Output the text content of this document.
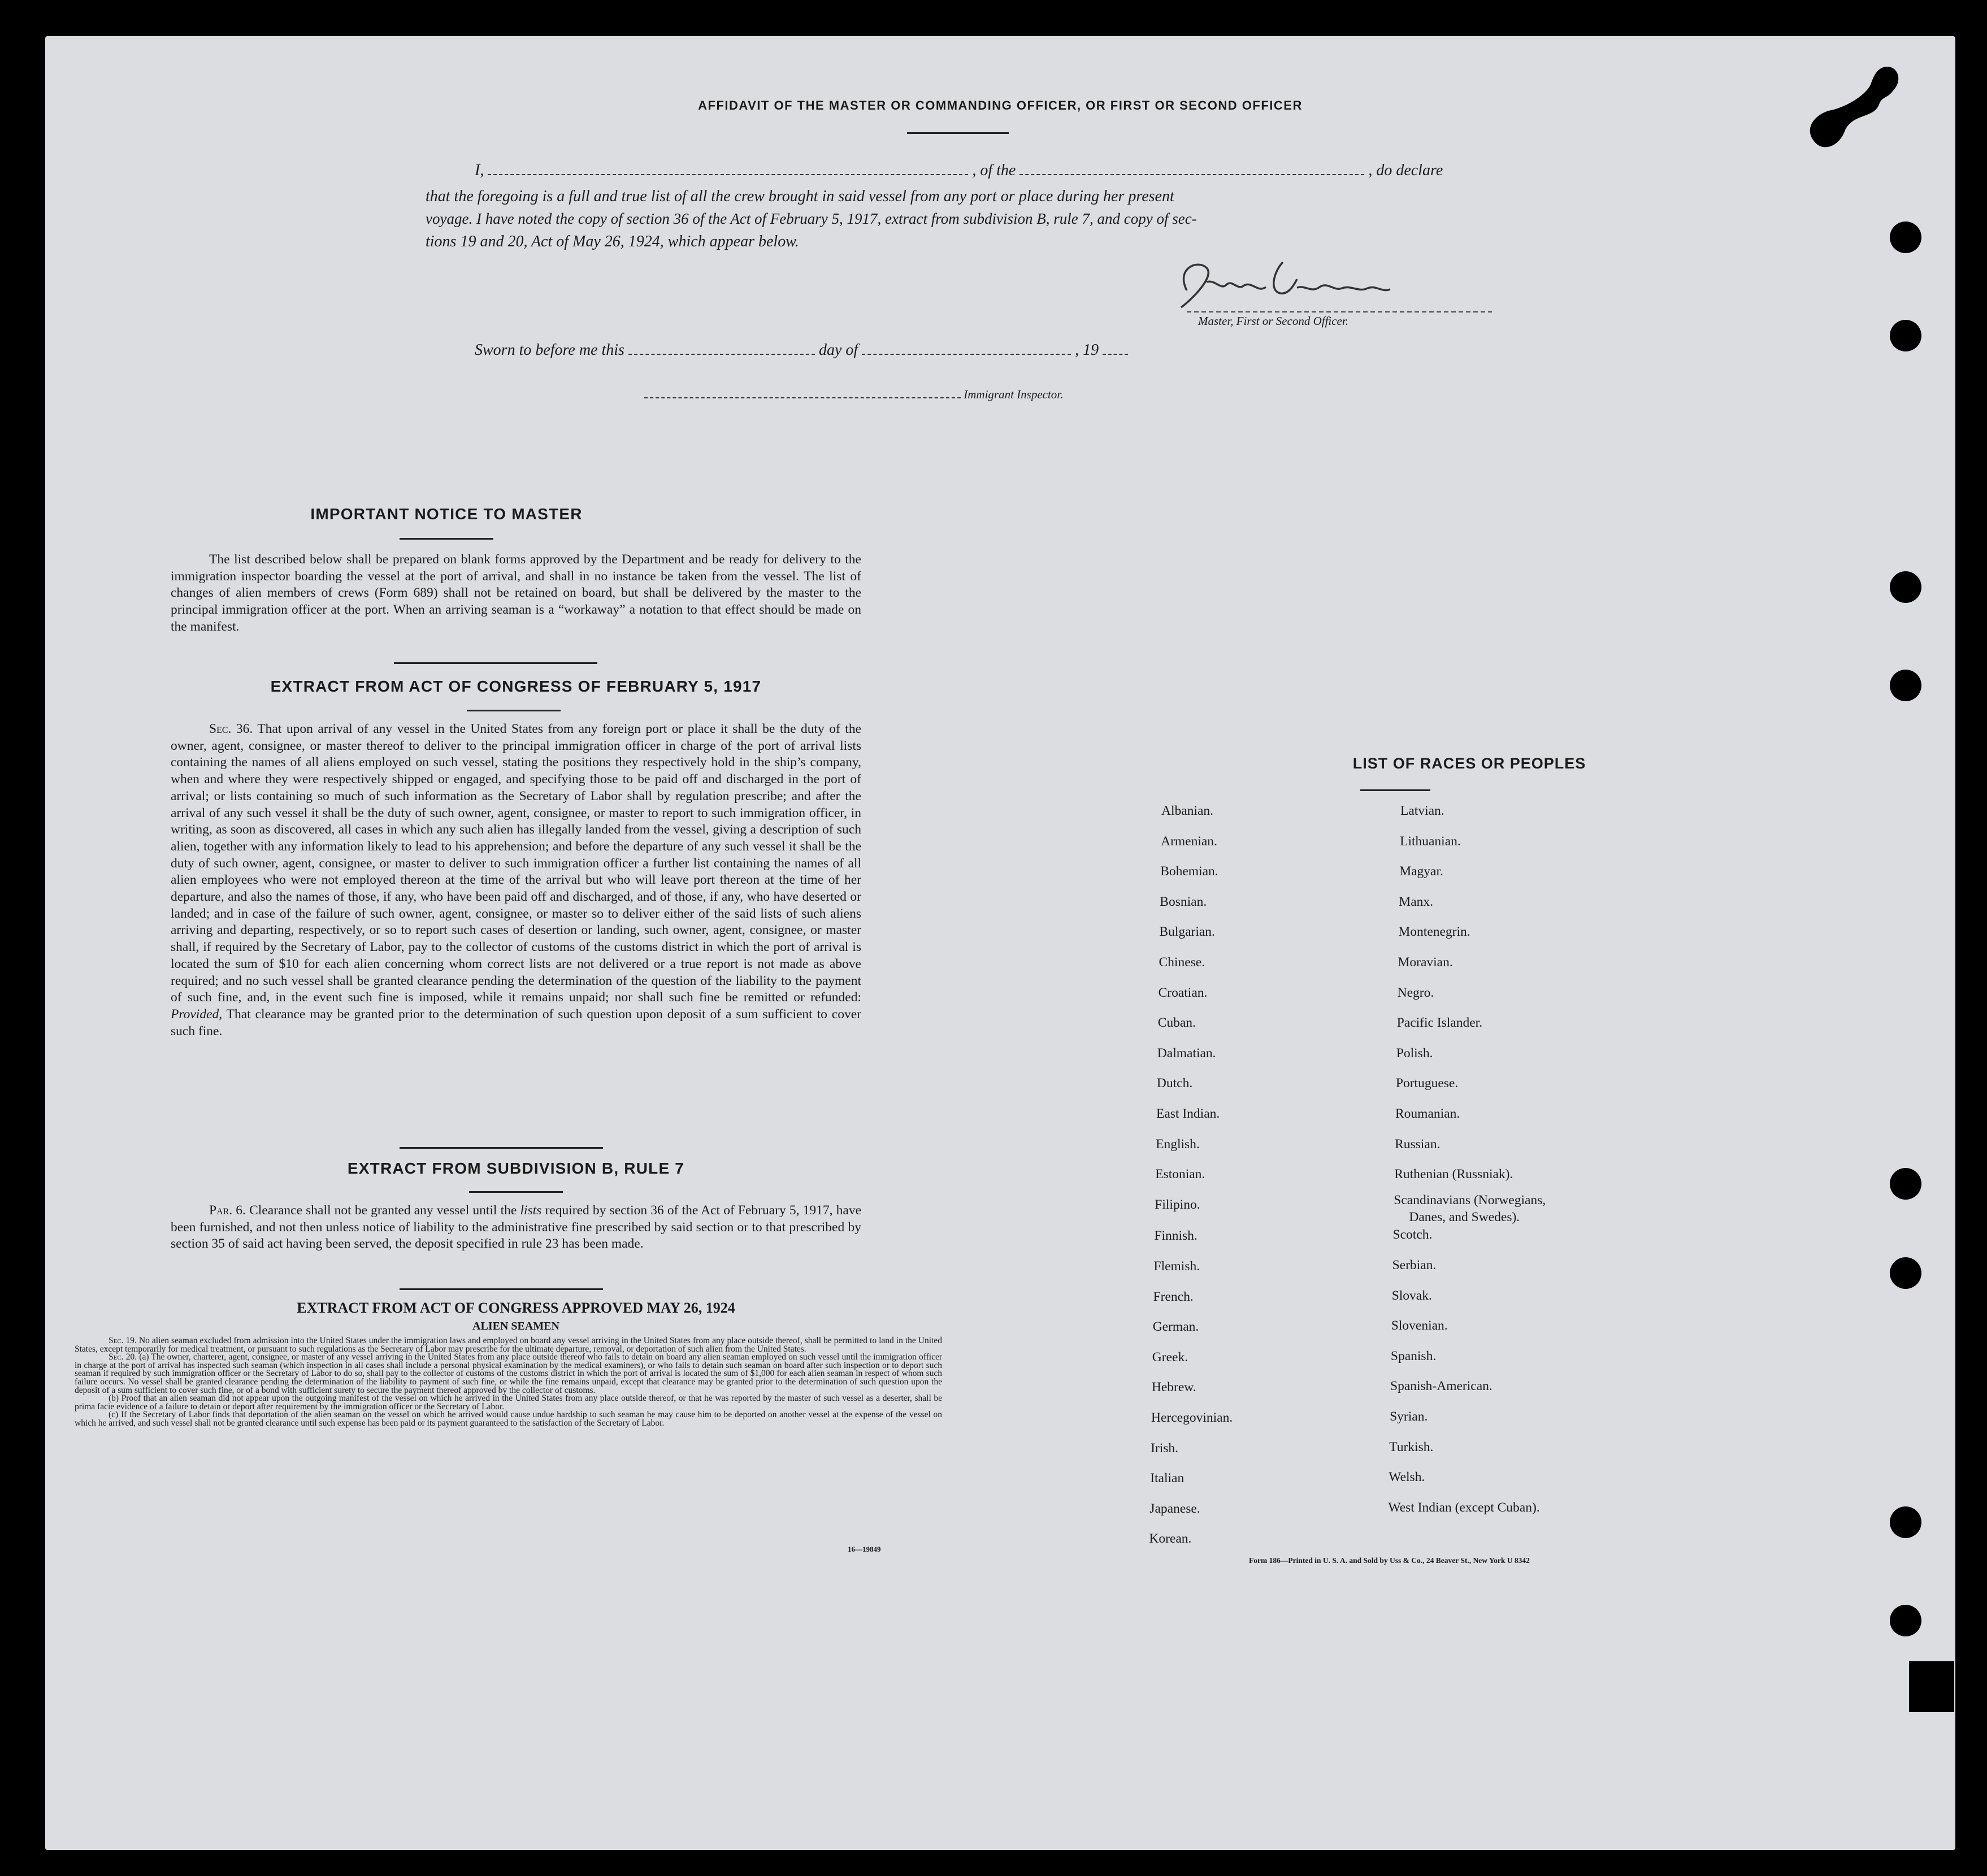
AFFIDAVIT OF THE MASTER OR COMMANDING OFFICER, OR FIRST OR SECOND OFFICER
I,	, of the	, do declare
that the foregoing is a full and true list of all the crew brought in said vessel from any port or place during her present
voyage. I have noted the copy of section 36 of the Act of February 5, 1917, extract from subdivision B, rule 7, and copy of sec-
tions 19 and 20, Act of May 26, 1924, which appear below.
Master, First or Second Officer.
Sworn to before me this	day of	, 19
Immigrant Inspector.
IMPORTANT NOTICE TO MASTER

The list described below shall be prepared on blank forms approved by the Department and be ready for delivery to the immigration inspector boarding the vessel at the port of arrival, and shall in no instance be taken from the vessel. The list of changes of alien members of crews (Form 689) shall not be retained on board, but shall be delivered by the master to the principal immigration officer at the port. When an arriving seaman is a “workaway” a notation to that effect should be made on the manifest.

EXTRACT FROM ACT OF CONGRESS OF FEBRUARY 5, 1917

Sec. 36. That upon arrival of any vessel in the United States from any foreign port or place it shall be the duty of the owner, agent, consignee, or master thereof to deliver to the principal immigration officer in charge of the port of arrival lists containing the names of all aliens employed on such vessel, stating the positions they respectively hold in the ship’s company, when and where they were respectively shipped or engaged, and specifying those to be paid off and discharged in the port of arrival; or lists containing so much of such information as the Secretary of Labor shall by regulation prescribe; and after the arrival of any such vessel it shall be the duty of such owner, agent, consignee, or master to report to such immigration officer, in writing, as soon as discovered, all cases in which any such alien has illegally landed from the vessel, giving a description of such alien, together with any information likely to lead to his apprehension; and before the departure of any such vessel it shall be the duty of such owner, agent, consignee, or master to deliver to such immigration officer a further list containing the names of all alien employees who were not employed thereon at the time of the arrival but who will leave port thereon at the time of her departure, and also the names of those, if any, who have been paid off and discharged, and of those, if any, who have deserted or landed; and in case of the failure of such owner, agent, consignee, or master so to deliver either of the said lists of such aliens arriving and departing, respectively, or so to report such cases of desertion or landing, such owner, agent, consignee, or master shall, if required by the Secretary of Labor, pay to the collector of customs of the customs district in which the port of arrival is located the sum of $10 for each alien concerning whom correct lists are not delivered or a true report is not made as above required; and no such vessel shall be granted clearance pending the determination of the question of the liability to the payment of such fine, and, in the event such fine is imposed, while it remains unpaid; nor shall such fine be remitted or refunded: Provided, That clearance may be granted prior to the determination of such question upon deposit of a sum sufficient to cover such fine.

EXTRACT FROM SUBDIVISION B, RULE 7

Par. 6. Clearance shall not be granted any vessel until the lists required by section 36 of the Act of February 5, 1917, have been furnished, and not then unless notice of liability to the administrative fine prescribed by said section or to that prescribed by section 35 of said act having been served, the deposit specified in rule 23 has been made.

EXTRACT FROM ACT OF CONGRESS APPROVED MAY 26, 1924
ALIEN SEAMEN

Sec. 19. No alien seaman excluded from admission into the United States under the immigration laws and employed on board any vessel arriving in the United States from any place outside thereof, shall be permitted to land in the United States, except temporarily for medical treatment, or pursuant to such regulations as the Secretary of Labor may prescribe for the ultimate departure, removal, or deportation of such alien from the United States.

Sec. 20. (a) The owner, charterer, agent, consignee, or master of any vessel arriving in the United States from any place outside thereof who fails to detain on board any alien seaman employed on such vessel until the immigration officer in charge at the port of arrival has inspected such seaman (which inspection in all cases shall include a personal physical examination by the medical examiners), or who fails to detain such seaman on board after such inspection or to deport such seaman if required by such immigration officer or the Secretary of Labor to do so, shall pay to the collector of customs of the customs district in which the port of arrival is located the sum of $1,000 for each alien seaman in respect of whom such failure occurs. No vessel shall be granted clearance pending the determination of the liability to payment of such fine, or while the fine remains unpaid, except that clearance may be granted prior to the determination of such question upon the deposit of a sum sufficient to cover such fine, or of a bond with sufficient surety to secure the payment thereof approved by the collector of customs.

(b) Proof that an alien seaman did not appear upon the outgoing manifest of the vessel on which he arrived in the United States from any place outside thereof, or that he was reported by the master of such vessel as a deserter, shall be prima facie evidence of a failure to detain or deport after requirement by the immigration officer or the Secretary of Labor.

(c) If the Secretary of Labor finds that deportation of the alien seaman on the vessel on which he arrived would cause undue hardship to such seaman he may cause him to be deported on another vessel at the expense of the vessel on which he arrived, and such vessel shall not be granted clearance until such expense has been paid or its payment guaranteed to the satisfaction of the Secretary of Labor.

16—19849
LIST OF RACES OR PEOPLES
Form 186—Printed in U. S. A. and Sold by Uss & Co., 24 Beaver St., New York U 8342
Albanian.
Armenian.
Bohemian.
Bosnian.
Bulgarian.
Chinese.
Croatian.
Cuban.
Dalmatian.
Dutch.
East Indian.
English.
Estonian.
Filipino.
Finnish.
Flemish.
French.
German.
Greek.
Hebrew.
Hercegovinian.
Irish.
Italian
Japanese.
Korean.
Latvian.
Lithuanian.
Magyar.
Manx.
Montenegrin.
Moravian.
Negro.
Pacific Islander.
Polish.
Portuguese.
Roumanian.
Russian.
Ruthenian (Russniak).
Scandinavians (Norwegians,
Danes, and Swedes).
Scotch.
Serbian.
Slovak.
Slovenian.
Spanish.
Spanish-American.
Syrian.
Turkish.
Welsh.
West Indian (except Cuban).
